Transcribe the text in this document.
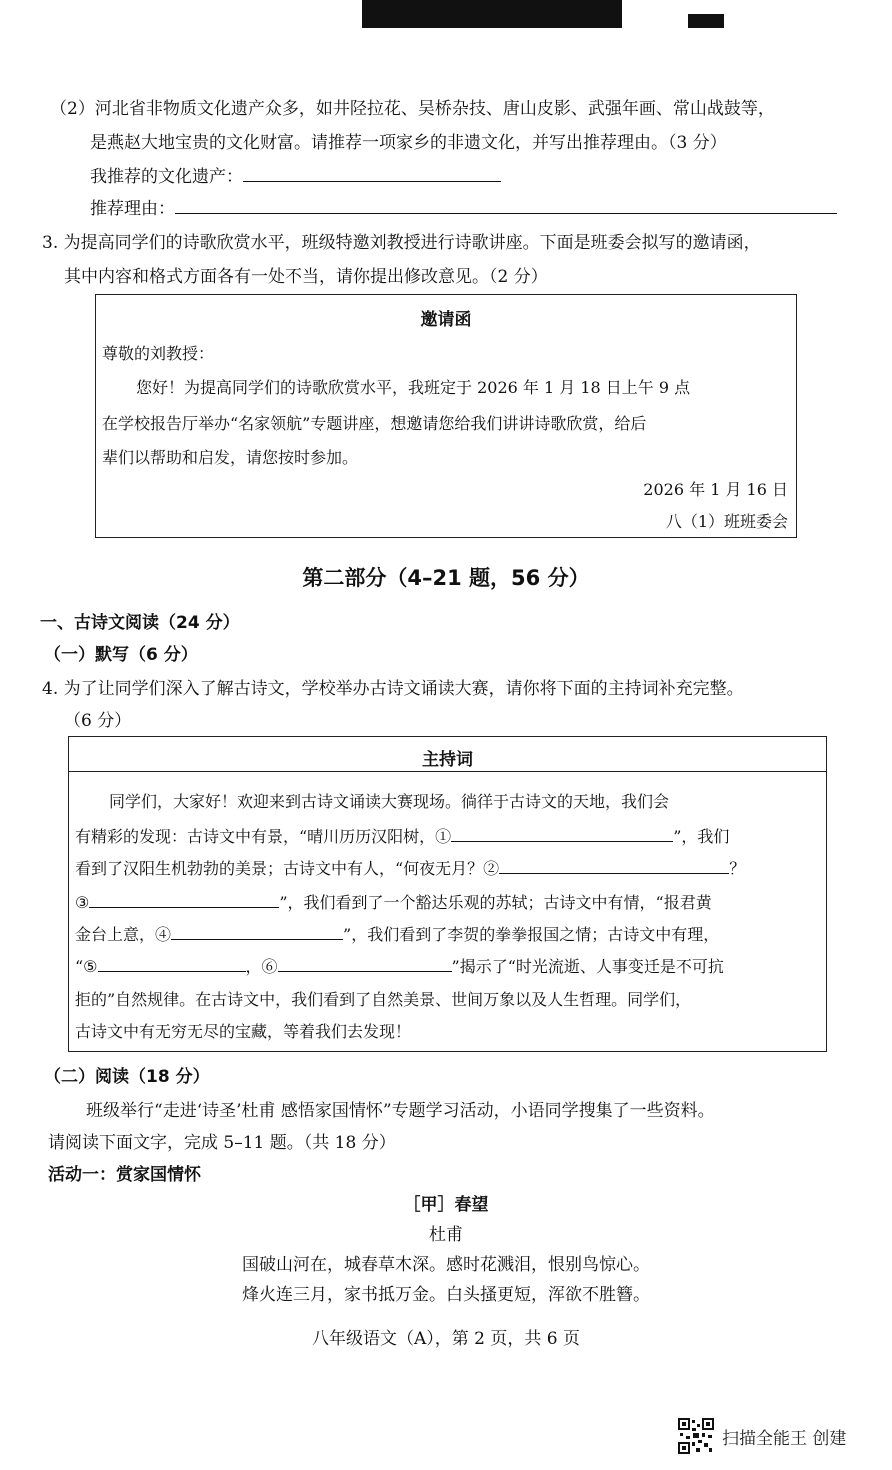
（2）河北省非物质文化遗产众多，如井陉拉花、吴桥杂技、唐山皮影、武强年画、常山战鼓等，
是燕赵大地宝贵的文化财富。请推荐一项家乡的非遗文化，并写出推荐理由。（3 分）
我推荐的文化遗产：
推荐理由：
3. 为提高同学们的诗歌欣赏水平，班级特邀刘教授进行诗歌讲座。下面是班委会拟写的邀请函，
其中内容和格式方面各有一处不当，请你提出修改意见。（2 分）
邀请函
尊敬的刘教授：
您好！为提高同学们的诗歌欣赏水平，我班定于 2026 年 1 月 18 日上午 9 点
在学校报告厅举办“名家领航”专题讲座，想邀请您给我们讲讲诗歌欣赏，给后
辈们以帮助和启发，请您按时参加。
2026 年 1 月 16 日
八（1）班班委会
第二部分（4–21 题，56 分）
一、古诗文阅读（24 分）
（一）默写（6 分）
4. 为了让同学们深入了解古诗文，学校举办古诗文诵读大赛，请你将下面的主持词补充完整。
（6 分）
主持词
同学们，大家好！欢迎来到古诗文诵读大赛现场。徜徉于古诗文的天地，我们会
有精彩的发现：古诗文中有景，“晴川历历汉阳树，①	”，我们
看到了汉阳生机勃勃的美景；古诗文中有人，“何夜无月？②	？
③	”，我们看到了一个豁达乐观的苏轼；古诗文中有情，“报君黄
金台上意，④	”，我们看到了李贺的拳拳报国之情；古诗文中有理，
“⑤	，⑥	”揭示了“时光流逝、人事变迁是不可抗
拒的”自然规律。在古诗文中，我们看到了自然美景、世间万象以及人生哲理。同学们，
古诗文中有无穷无尽的宝藏，等着我们去发现！
（二）阅读（18 分）
班级举行“走进‘诗圣’杜甫 感悟家国情怀”专题学习活动，小语同学搜集了一些资料。
请阅读下面文字，完成 5–11 题。（共 18 分）
活动一：赏家国情怀
［甲］春望
杜甫
国破山河在，城春草木深。感时花溅泪，恨别鸟惊心。
烽火连三月，家书抵万金。白头搔更短，浑欲不胜簪。
八年级语文（A），第 2 页，共 6 页
扫描全能王 创建
